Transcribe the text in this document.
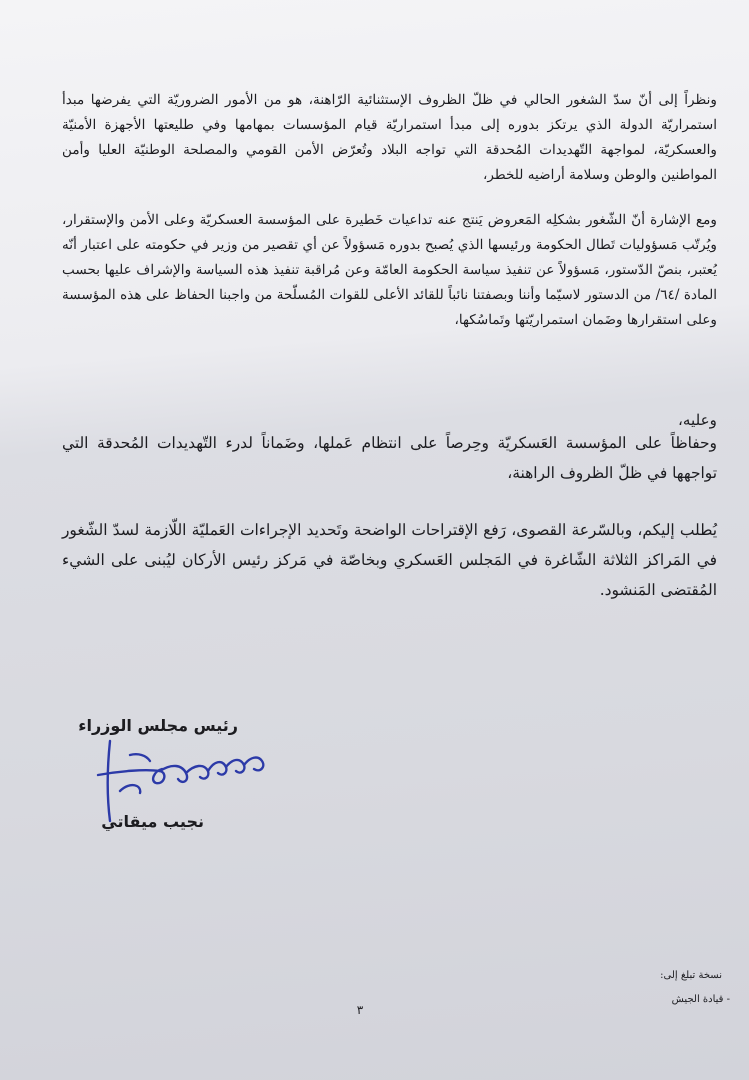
ونظراً إلى أنّ سدّ الشغور الحالي في ظلّ الظروف الإستثنائية الرّاهنة، هو من الأمور الضروريّة التي يفرضها مبدأ استمراريّة الدولة الذي يرتكز بدوره إلى مبدأ استمراريّة قيام المؤسسات بمهامها وفي طليعتها الأجهزة الأمنيّة والعسكريّة، لمواجهة التّهديدات المُحدقة التي تواجه البلاد وتُعرّض الأمن القومي والمصلحة الوطنيّة العليا وأمن المواطنين والوطن وسلامة أراضيه للخطر،

ومع الإشارة أنّ الشّغور بشكلِه المَعروض يَنتج عنه تداعيات خَطيرة على المؤسسة العسكريّة وعلى الأمن والإستقرار، ويُرتّب مَسؤوليات تَطال الحكومة ورئيسها الذي يُصبح بدوره مَسؤولاً عن أي تقصير من وزير في حكومته على اعتبار أنّه يُعتبر، بنصّ الدّستور، مَسؤولاً عن تنفيذ سياسة الحكومة العامّة وعن مُراقبة تنفيذ هذه السياسة والإشراف عليها بحسب المادة /٦٤/ من الدستور لاسيّما وأننا وبصفتنا نائباً للقائد الأعلى للقوات المُسلّحة من واجبنا الحفاظ على هذه المؤسسة وعلى استقرارها وضَمان استمراريّتها وتَماسُكها،

وعليه،

وحفاظاً على المؤسسة العَسكريّة وحِرصاً على انتظام عَملها، وضَماناً لدرء التّهديدات المُحدقة التي تواجهها في ظلّ الظروف الراهنة،

يُطلب إليكم، وبالسّرعة القصوى، رَفع الإقتراحات الواضحة وتَحديد الإجراءات العَمليّة اللّازمة لسدّ الشّغور في المَراكز الثلاثة الشّاغرة في المَجلس العَسكري وبخاصّة في مَركز رئيس الأركان ليُبنى على الشيء المُقتضى المَنشود.

رئيس مجلس الوزراء

نجيب ميقاتي

نسخة تبلغ إلى:

- قيادة الجيش

٣
